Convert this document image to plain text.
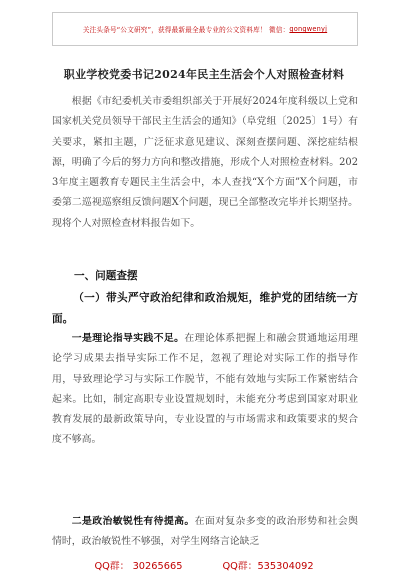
关注头条号“公文研究”，获得最新最全最专业的公文资料库！ 微信： gongwenyj
职业学校党委书记2024年民主生活会个人对照检查材料
根据《市纪委机关市委组织部关于开展好2024年度科级以上党和国家机关党员领导干部民主生活会的通知》（阜党组〔2025〕1号）有关要求，紧扣主题，广泛征求意见建议、深刻查摆问题、深挖症结根源，明确了今后的努力方向和整改措施，形成个人对照检查材料。2023年度主题教育专题民主生活会中，本人查找“X个方面”X个问题，市委第二巡视巡察组反馈问题X个问题，现已全部整改完毕并长期坚持。现将个人对照检查材料报告如下。
一、问题查摆
（一）带头严守政治纪律和政治规矩，维护党的团结统一方面。
一是理论指导实践不足。在理论体系把握上和融会贯通地运用理论学习成果去指导实际工作不足，忽视了理论对实际工作的指导作用，导致理论学习与实际工作脱节，不能有效地与实际工作紧密结合起来。比如，制定高职专业设置规划时，未能充分考虑到国家对职业教育发展的最新政策导向，专业设置的与市场需求和政策要求的契合度不够高。
二是政治敏锐性有待提高。在面对复杂多变的政治形势和社会舆情时，政治敏锐性不够强，对学生网络言论缺乏
QQ群： 30265665	QQ群：535304092
